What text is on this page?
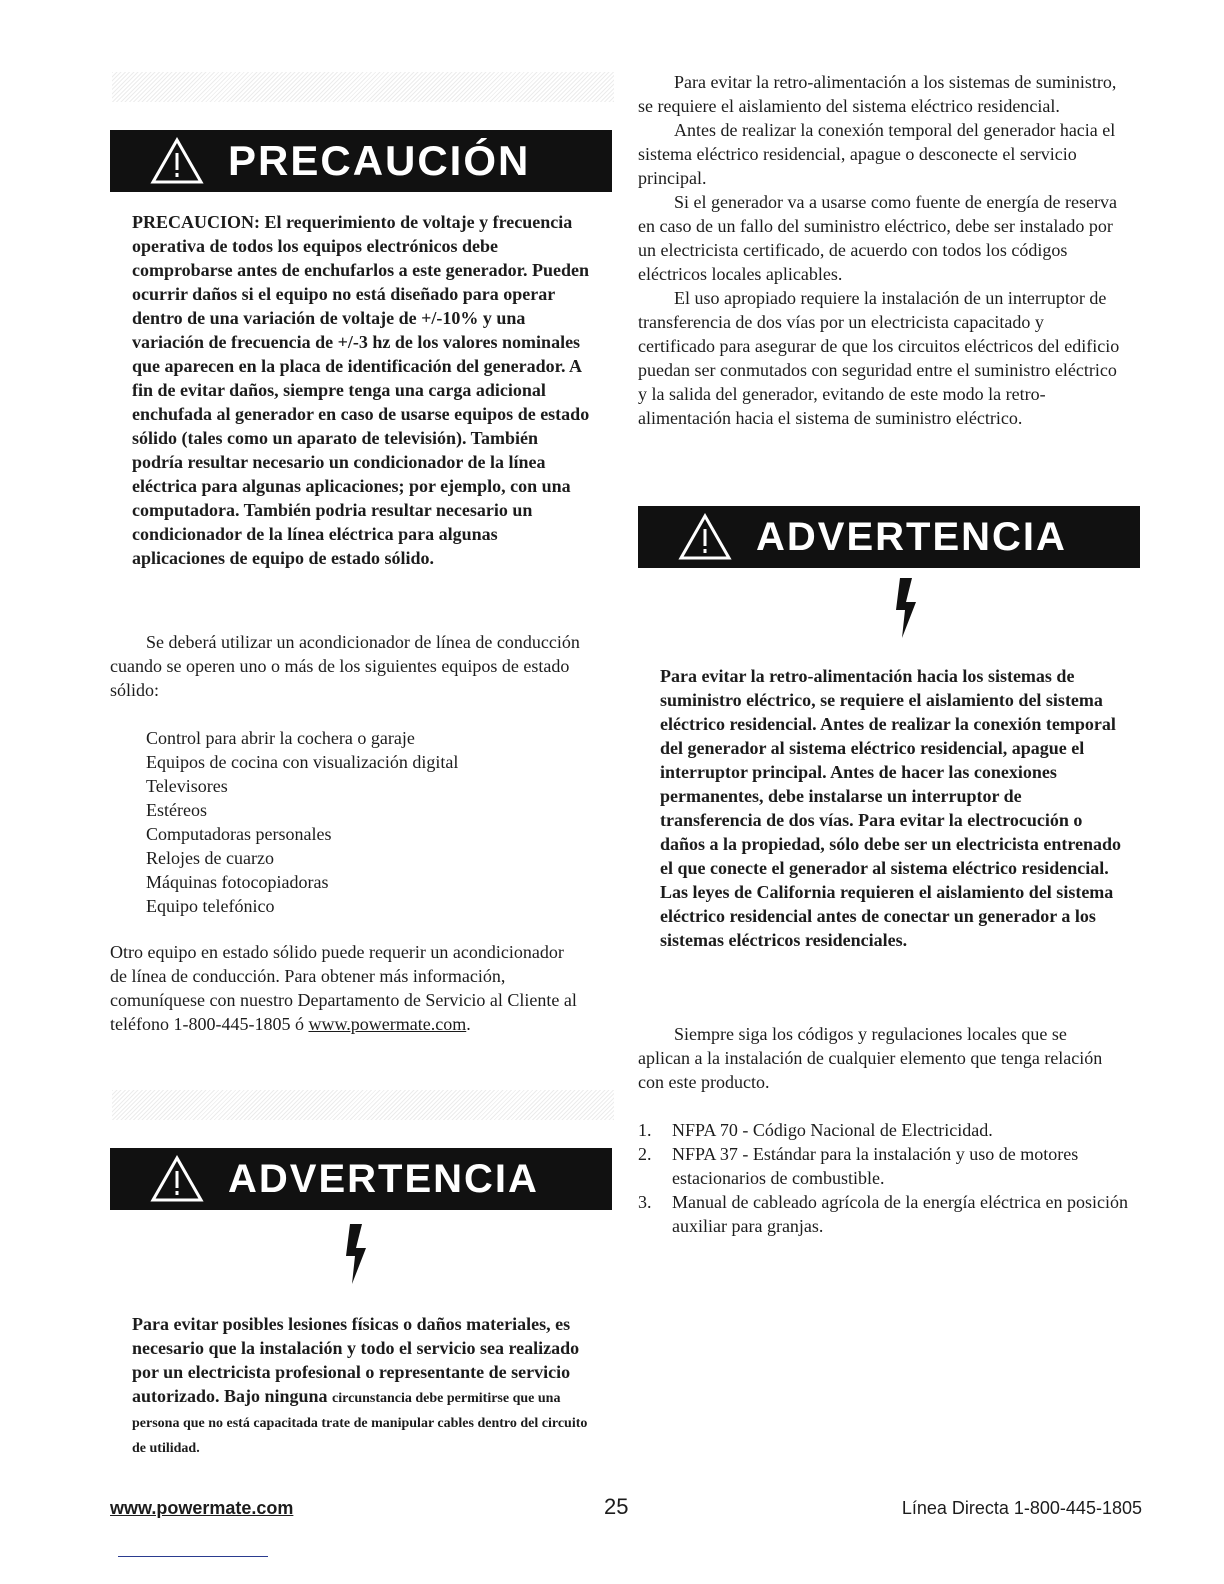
PRECAUCIÓN

PRECAUCION: El requerimiento de voltaje y frecuencia operativa de todos los equipos electrónicos debe comprobarse antes de enchufarlos a este generador. Pueden ocurrir daños si el equipo no está diseñado para operar dentro de una variación de voltaje de +/-10% y una variación de frecuencia de +/-3 hz de los valores nominales que aparecen en la placa de identificación del generador. A fin de evitar daños, siempre tenga una carga adicional enchufada al generador en caso de usarse equipos de estado sólido (tales como un aparato de televisión). También podría resultar necesario un condicionador de la línea eléctrica para algunas aplicaciones; por ejemplo, con una computadora. También podria resultar necesario un condicionador de la línea eléctrica para algunas aplicaciones de equipo de estado sólido.

Se deberá utilizar un acondicionador de línea de conducción cuando se operen uno o más de los siguientes equipos de estado sólido:

Control para abrir la cochera o garaje
Equipos de cocina con visualización digital
Televisores
Estéreos
Computadoras personales
Relojes de cuarzo
Máquinas fotocopiadoras
Equipo telefónico

Otro equipo en estado sólido puede requerir un acondicionador de línea de conducción. Para obtener más información, comuníquese con nuestro Departamento de Servicio al Cliente al teléfono 1-800-445-1805 ó www.powermate.com.

ADVERTENCIA

Para evitar posibles lesiones físicas o daños materiales, es necesario que la instalación y todo el servicio sea realizado por un electricista profesional o representante de servicio autorizado. Bajo ninguna circunstancia debe permitirse que una persona que no está capacitada trate de manipular cables dentro del circuito de utilidad.

Para evitar la retro-alimentación a los sistemas de suministro, se requiere el aislamiento del sistema eléctrico residencial.

Antes de realizar la conexión temporal del generador hacia el sistema eléctrico residencial, apague o desconecte el servicio principal.

Si el generador va a usarse como fuente de energía de reserva en caso de un fallo del suministro eléctrico, debe ser instalado por un electricista certificado, de acuerdo con todos los códigos eléctricos locales aplicables.

El uso apropiado requiere la instalación de un interruptor de transferencia de dos vías por un electricista capacitado y certificado para asegurar de que los circuitos eléctricos del edificio puedan ser conmutados con seguridad entre el suministro eléctrico y la salida del generador, evitando de este modo la retro-alimentación hacia el sistema de suministro eléctrico.

ADVERTENCIA

Para evitar la retro-alimentación hacia los sistemas de suministro eléctrico, se requiere el aislamiento del sistema eléctrico residencial. Antes de realizar la conexión temporal del generador al sistema eléctrico residencial, apague el interruptor principal. Antes de hacer las conexiones permanentes, debe instalarse un interruptor de transferencia de dos vías. Para evitar la electrocución o daños a la propiedad, sólo debe ser un electricista entrenado el que conecte el generador al sistema eléctrico residencial. Las leyes de California requieren el aislamiento del sistema eléctrico residencial antes de conectar un generador a los sistemas eléctricos residenciales.

Siempre siga los códigos y regulaciones locales que se aplican a la instalación de cualquier elemento que tenga relación con este producto.

1.	NFPA 70 - Código Nacional de Electricidad.
2.	NFPA 37 - Estándar para la instalación y uso de motores estacionarios de combustible.
3.	Manual de cableado agrícola de la energía eléctrica en posición auxiliar para granjas.
www.powermate.com	25	Línea Directa 1-800-445-1805
